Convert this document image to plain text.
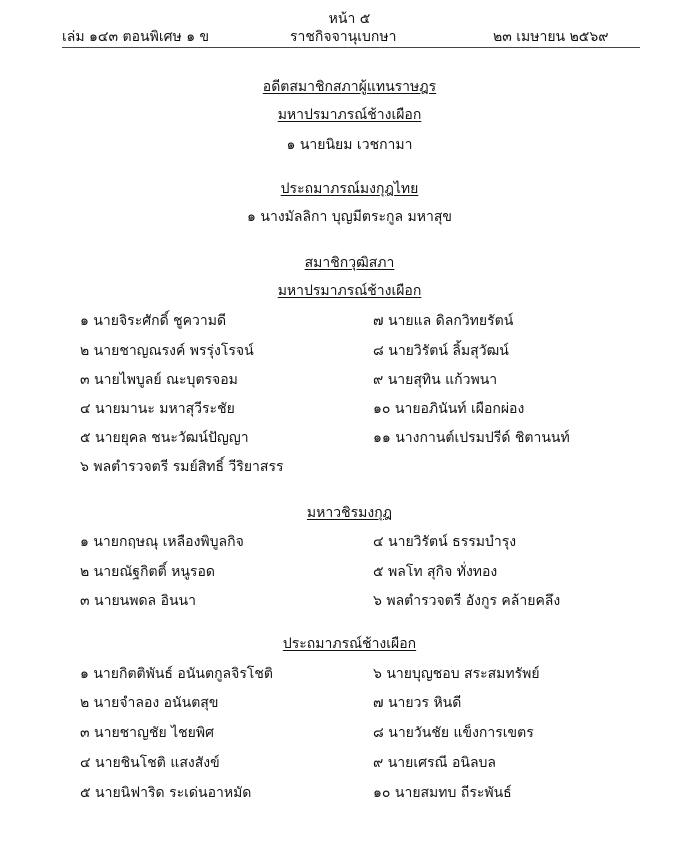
หน้า ๕
เล่ม ๑๔๓ ตอนพิเศษ ๑ ข	ราชกิจจานุเบกษา	๒๓ เมษายน ๒๕๖๙
อดีตสมาชิกสภาผู้แทนราษฎร
มหาปรมาภรณ์ช้างเผือก
๑ นายนิยม เวชกามา
ประถมาภรณ์มงกุฎไทย
๑ นางมัลลิกา บุญมีตระกูล มหาสุข
สมาชิกวุฒิสภา
มหาปรมาภรณ์ช้างเผือก
๑ นายจิระศักดิ์ ชูความดี
๒ นายชาญณรงค์ พรรุ่งโรจน์
๓ นายไพบูลย์ ณะบุตรจอม
๔ นายมานะ มหาสุวีระชัย
๕ นายยุคล ชนะวัฒน์ปัญญา
๖ พลตำรวจตรี รมย์สิทธิ์ วีริยาสรร
๗ นายแล ดิลกวิทยรัตน์
๘ นายวิรัตน์ ลิ้มสุวัฒน์
๙ นายสุทิน แก้วพนา
๑๐ นายอภินันท์ เผือกผ่อง
๑๑ นางกานต์เปรมปรีด์ ชิตานนท์
มหาวชิรมงกุฎ
๑ นายกฤษณุ เหลืองพิบูลกิจ
๒ นายณัฐกิตติ์ หนูรอด
๓ นายนพดล อินนา
๔ นายวิรัตน์ ธรรมบำรุง
๕ พลโท สุกิจ ทั่งทอง
๖ พลตำรวจตรี อังกูร คล้ายคลึง
ประถมาภรณ์ช้างเผือก
๑ นายกิตติพันธ์ อนันตกูลจิรโชติ
๒ นายจำลอง อนันตสุข
๓ นายชาญชัย ไชยพิศ
๔ นายชินโชติ แสงสังข์
๕ นายนิฟาริด ระเด่นอาหมัด
๖ นายบุญชอบ สระสมทรัพย์
๗ นายวร หินดี
๘ นายวันชัย แข็งการเขตร
๙ นายเศรณี อนิลบล
๑๐ นายสมทบ ถีระพันธ์
